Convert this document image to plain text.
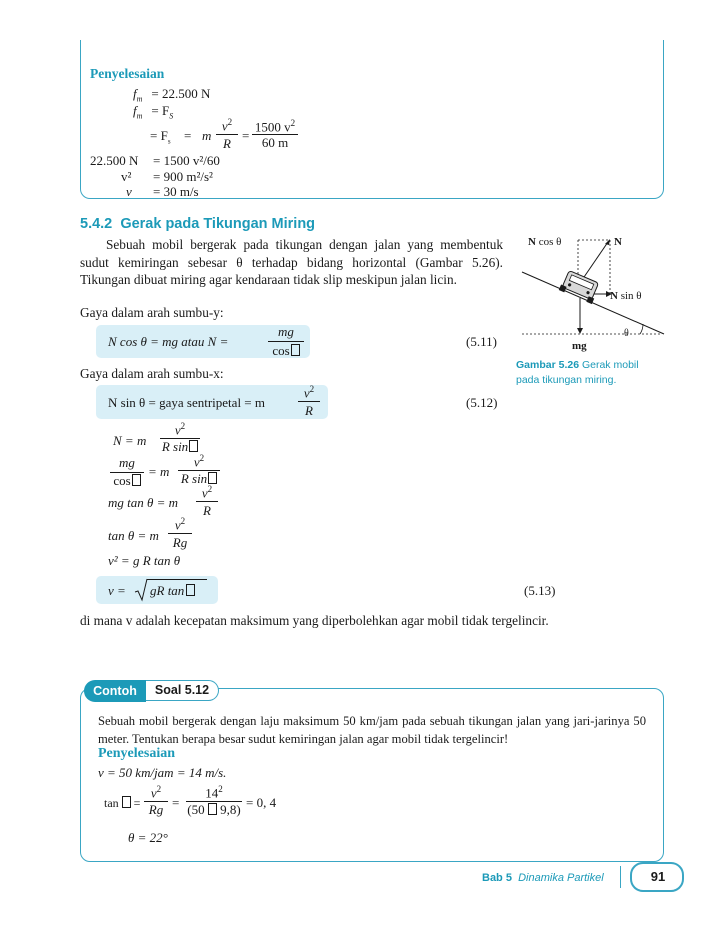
Penyelesaian
$f_m = 22.500$ N
$f_m = F_S$
= $F_s = m$
$v^2$
R
=
1500 $v^2$
60 m
22.500 N = 1500 v²/60
v² = 900 m²/s²
v = 30 m/s
5.4.2 Gerak pada Tikungan Miring
Sebuah mobil bergerak pada tikungan dengan jalan yang membentuk sudut kemiringan sebesar θ terhadap bidang horizontal (Gambar 5.26). Tikungan dibuat miring agar kendaraan tidak slip meskipun jalan licin.
Gaya dalam arah sumbu-y:
N cos θ = mg atau N =
mg
cos
(5.11)
Gaya dalam arah sumbu-x:
N sin θ = gaya sentripetal = m
$v^2$
R
(5.12)
N = m
$v^2$
R sin
mg
cos
= m
$v^2$
R sin
mg tan θ = m
$v^2$
R
tan θ = m
$v^2$
Rg
v² = g R tan θ
v = gR tan	(5.13)
di mana v adalah kecepatan maksimum yang diperbolehkan agar mobil tidak tergelincir.
N cos θ	N
N sin θ
mg
θ
Gambar 5.26 Gerak mobil pada tikungan miring.
Contoh	Soal 5.12
Sebuah mobil bergerak dengan laju maksimum 50 km/jam pada sebuah tikungan jalan yang jari-jarinya 50 meter. Tentukan berapa besar sudut kemiringan jalan agar mobil tidak tergelincir!
Penyelesaian
v = 50 km/jam = 14 m/s.
tan =
$v^2$
Rg =
$14^2$
(50  9,8) = 0, 4
θ = 22°
Bab 5 Dinamika Partikel	91
